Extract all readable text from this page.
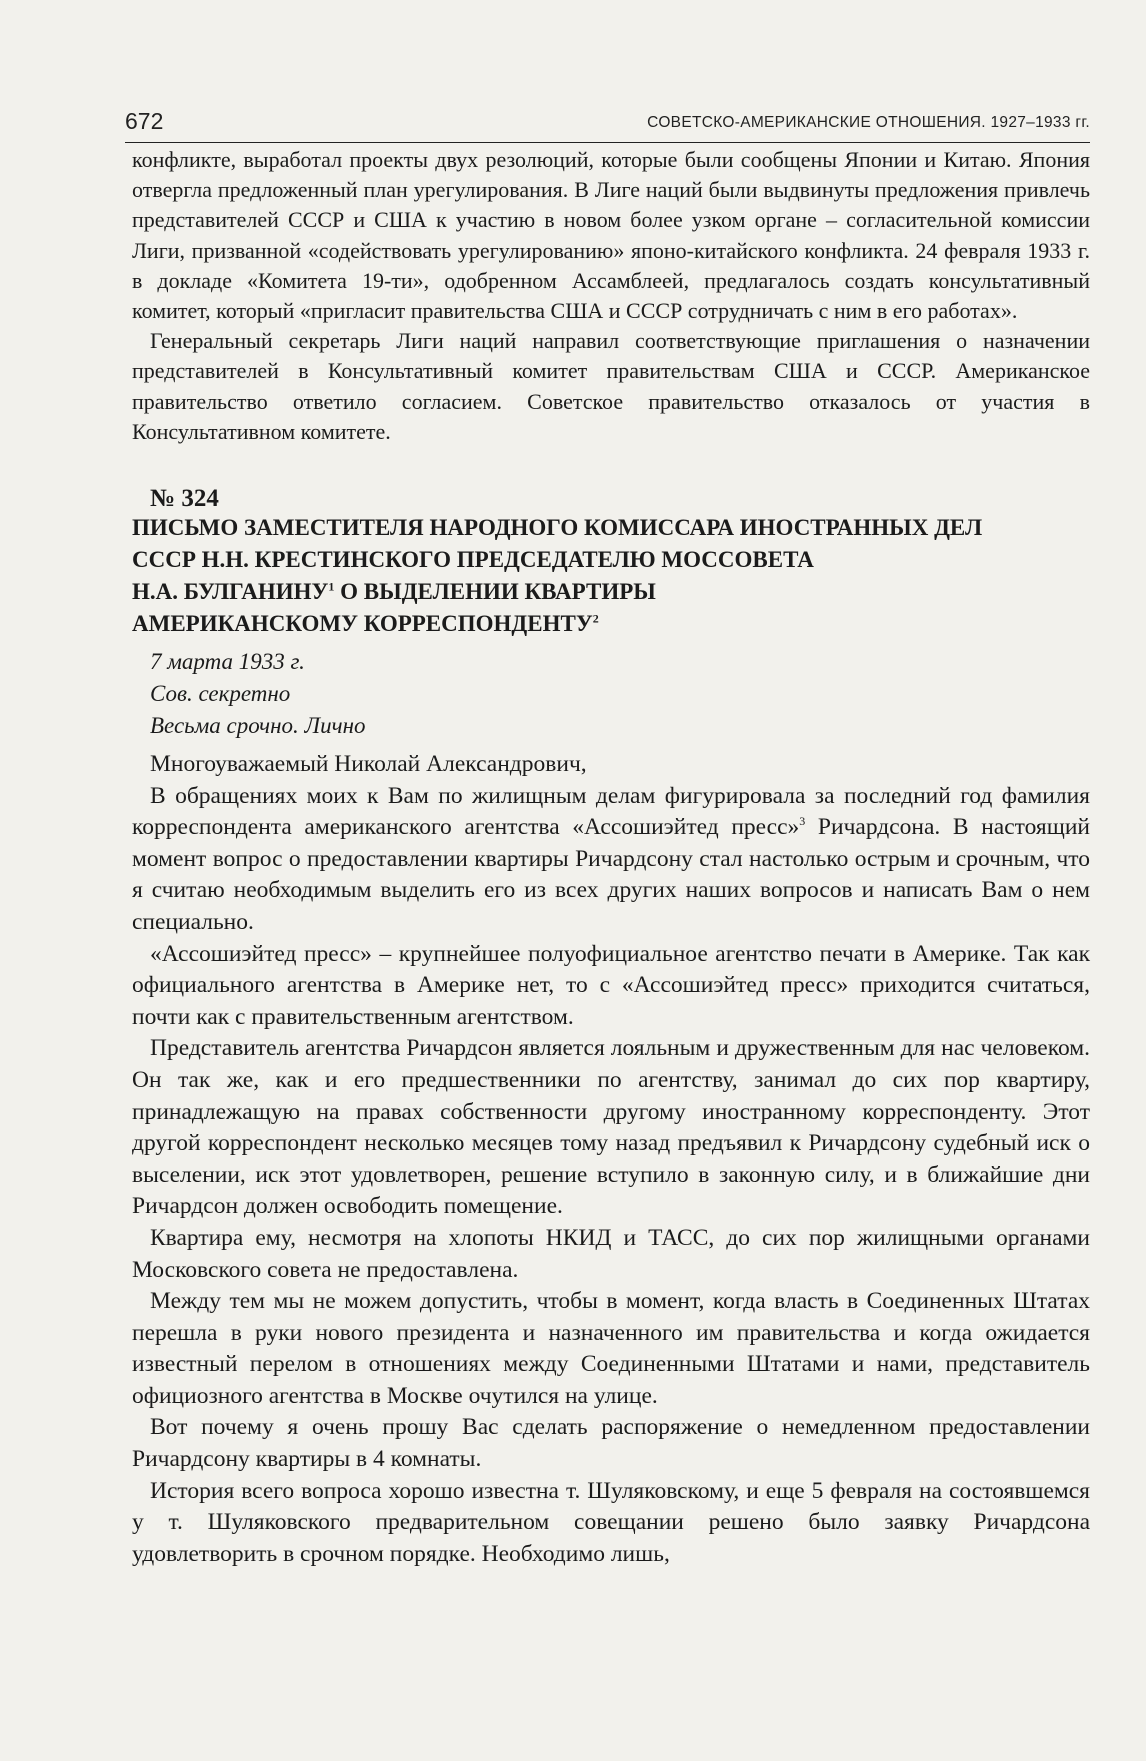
672	СОВЕТСКО-АМЕРИКАНСКИЕ ОТНОШЕНИЯ. 1927–1933 гг.

конфликте, выработал проекты двух резолюций, которые были сообщены Японии и Китаю. Япония отвергла предложенный план урегулирования. В Лиге наций были выдвинуты предложения привлечь представителей СССР и США к участию в новом более узком органе – согласительной комиссии Лиги, призванной «содействовать урегулированию» японо-китайского конфликта. 24 февраля 1933 г. в докладе «Комитета 19-ти», одобренном Ассамблеей, предлагалось создать консультативный комитет, который «пригласит правительства США и СССР сотрудничать с ним в его работах».

Генеральный секретарь Лиги наций направил соответствующие приглашения о назначении представителей в Консультативный комитет правительствам США и СССР. Американское правительство ответило согласием. Советское правительство отказалось от участия в Консультативном комитете.

№ 324
ПИСЬМО ЗАМЕСТИТЕЛЯ НАРОДНОГО КОМИССАРА ИНОСТРАННЫХ ДЕЛ
СССР Н.Н. КРЕСТИНСКОГО ПРЕДСЕДАТЕЛЮ МОССОВЕТА
Н.А. БУЛГАНИНУ$^1$ О ВЫДЕЛЕНИИ КВАРТИРЫ
АМЕРИКАНСКОМУ КОРРЕСПОНДЕНТУ$^2$
7 марта 1933 г.
Сов. секретно
Весьма срочно. Лично

Многоуважаемый Николай Александрович,

В обращениях моих к Вам по жилищным делам фигурировала за последний год фамилия корреспондента американского агентства «Ассошиэйтед пресс»$^3$ Ричардсона. В настоящий момент вопрос о предоставлении квартиры Ричардсону стал настолько острым и срочным, что я считаю необходимым выделить его из всех других наших вопросов и написать Вам о нем специально.

«Ассошиэйтед пресс» – крупнейшее полуофициальное агентство печати в Америке. Так как официального агентства в Америке нет, то с «Ассошиэйтед пресс» приходится считаться, почти как с правительственным агентством.

Представитель агентства Ричардсон является лояльным и дружественным для нас человеком. Он так же, как и его предшественники по агентству, занимал до сих пор квартиру, принадлежащую на правах собственности другому иностранному корреспонденту. Этот другой корреспондент несколько месяцев тому назад предъявил к Ричардсону судебный иск о выселении, иск этот удовлетворен, решение вступило в законную силу, и в ближайшие дни Ричардсон должен освободить помещение.

Квартира ему, несмотря на хлопоты НКИД и ТАСС, до сих пор жилищными органами Московского совета не предоставлена.

Между тем мы не можем допустить, чтобы в момент, когда власть в Соединенных Штатах перешла в руки нового президента и назначенного им правительства и когда ожидается известный перелом в отношениях между Соединенными Штатами и нами, представитель официозного агентства в Москве очутился на улице.

Вот почему я очень прошу Вас сделать распоряжение о немедленном предоставлении Ричардсону квартиры в 4 комнаты.

История всего вопроса хорошо известна т. Шуляковскому, и еще 5 февраля на состоявшемся у т. Шуляковского предварительном совещании решено было заявку Ричардсона удовлетворить в срочном порядке. Необходимо лишь,
